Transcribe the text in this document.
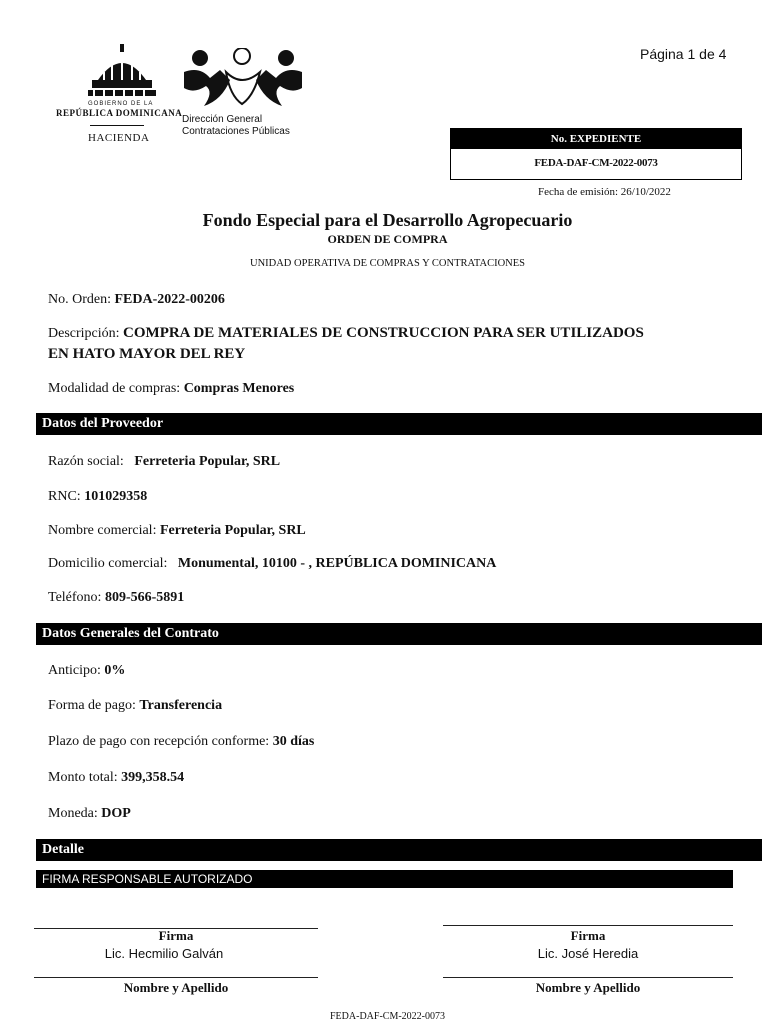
Página 1 de 4
GOBIERNO DE LA
REPÚBLICA DOMINICANA
HACIENDA
Dirección General
Contrataciones Públicas
No. EXPEDIENTE
FEDA-DAF-CM-2022-0073
Fecha de emisión: 26/10/2022
Fondo Especial para el Desarrollo Agropecuario
ORDEN DE COMPRA
UNIDAD OPERATIVA DE COMPRAS Y CONTRATACIONES
No. Orden: FEDA-2022-00206
Descripción: COMPRA DE MATERIALES DE CONSTRUCCION PARA SER UTILIZADOS
EN HATO MAYOR DEL REY
Modalidad de compras: Compras Menores
Datos del Proveedor
Razón social: Ferreteria Popular, SRL
RNC: 101029358
Nombre comercial: Ferreteria Popular, SRL
Domicilio comercial: Monumental, 10100 - , REPÚBLICA DOMINICANA
Teléfono: 809-566-5891
Datos Generales del Contrato
Anticipo: 0%
Forma de pago: Transferencia
Plazo de pago con recepción conforme: 30 días
Monto total: 399,358.54
Moneda: DOP
Detalle
FIRMA RESPONSABLE AUTORIZADO
Firma
Lic. Hecmilio Galván
Nombre y Apellido
Firma
Lic. José Heredia
Nombre y Apellido
FEDA-DAF-CM-2022-0073
